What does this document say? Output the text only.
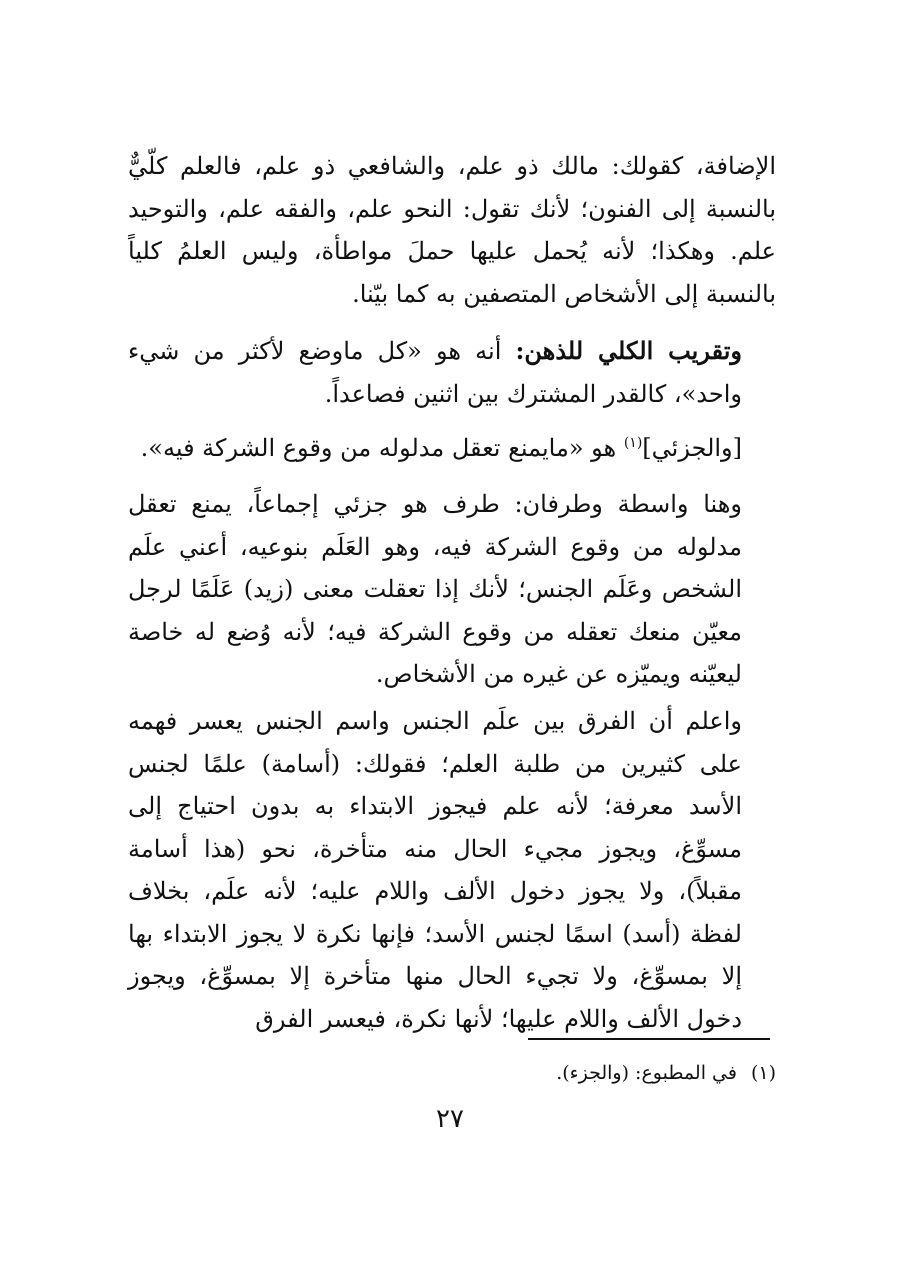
الإضافة، كقولك: مالك ذو علم، والشافعي ذو علم، فالعلم كلّيٌّ بالنسبة إلى الفنون؛ لأنك تقول: النحو علم، والفقه علم، والتوحيد علم. وهكذا؛ لأنه يُحمل عليها حملَ مواطأة، وليس العلمُ كلياً بالنسبة إلى الأشخاص المتصفين به كما بيّنا.

وتقريب الكلي للذهن: أنه هو «كل ماوضع لأكثر من شيء واحد»، كالقدر المشترك بين اثنين فصاعداً.

[والجزئي]$^{(١)}$ هو «مايمنع تعقل مدلوله من وقوع الشركة فيه».

وهنا واسطة وطرفان: طرف هو جزئي إجماعاً، يمنع تعقل مدلوله من وقوع الشركة فيه، وهو العَلَم بنوعيه، أعني علَم الشخص وعَلَم الجنس؛ لأنك إذا تعقلت معنى (زيد) عَلَمًا لرجل معيّن منعك تعقله من وقوع الشركة فيه؛ لأنه وُضع له خاصة ليعيّنه ويميّزه عن غيره من الأشخاص.

واعلم أن الفرق بين علَم الجنس واسم الجنس يعسر فهمه على كثيرين من طلبة العلم؛ فقولك: (أسامة) علمًا لجنس الأسد معرفة؛ لأنه علم فيجوز الابتداء به بدون احتياج إلى مسوِّغ، ويجوز مجيء الحال منه متأخرة، نحو (هذا أسامة مقبلاً)، ولا يجوز دخول الألف واللام عليه؛ لأنه علَم، بخلاف لفظة (أسد) اسمًا لجنس الأسد؛ فإنها نكرة لا يجوز الابتداء بها إلا بمسوِّغ، ولا تجيء الحال منها متأخرة إلا بمسوِّغ، ويجوز دخول الألف واللام عليها؛ لأنها نكرة، فيعسر الفرق

(١)في المطبوع: (والجزء).

٢٧
